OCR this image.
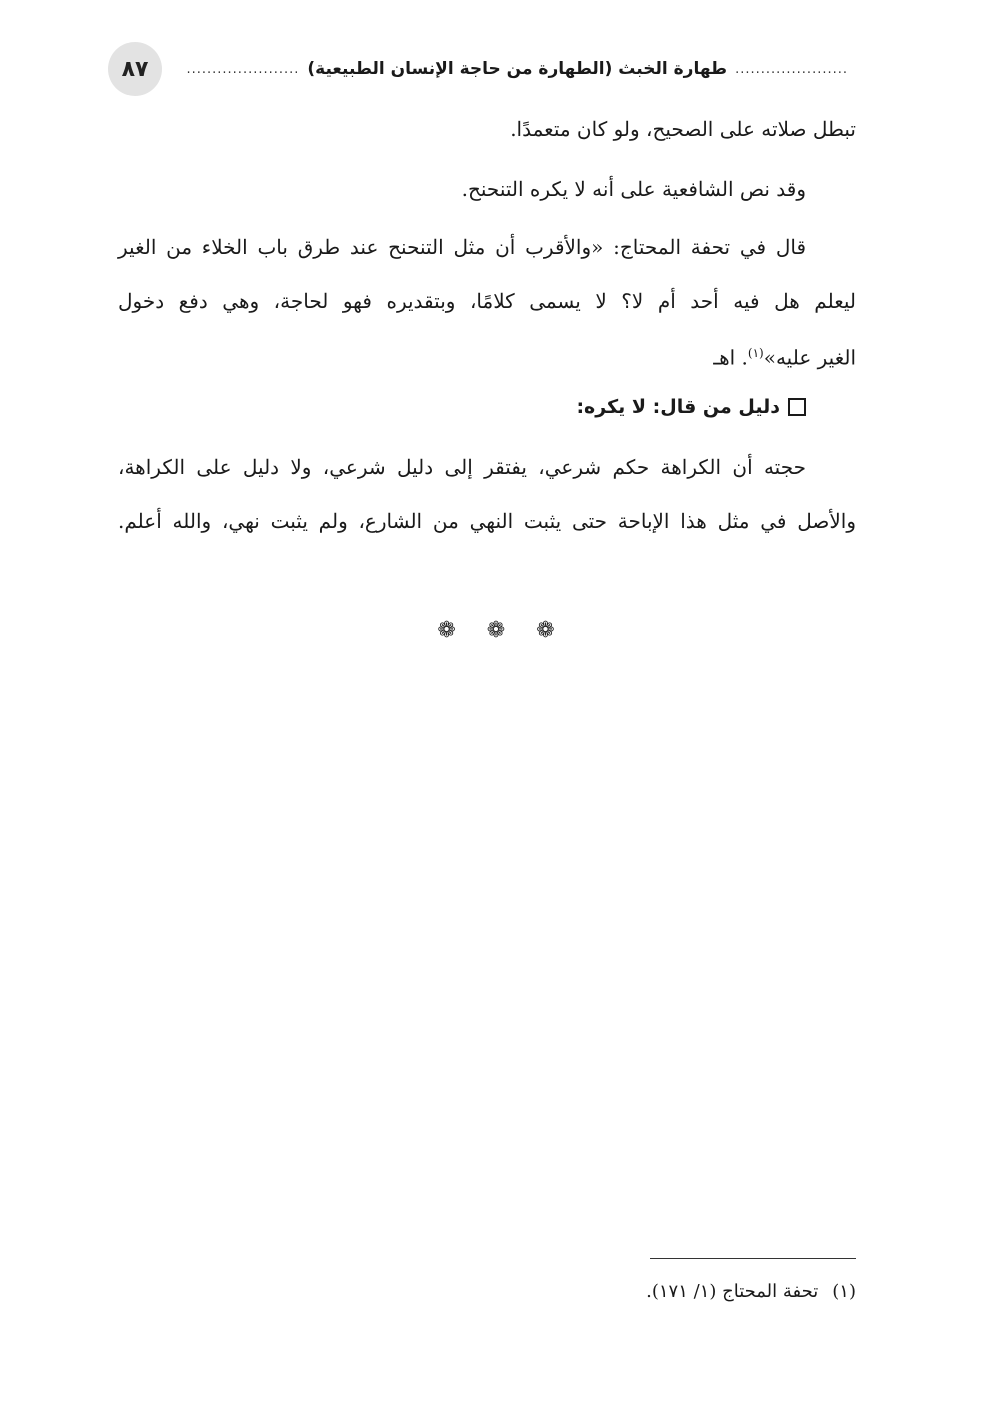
٨٧	......................
طهارة الخبث (الطهارة من حاجة الإنسان الطبيعية)
......................
تبطل صلاته على الصحيح، ولو كان متعمدًا.
وقد نص الشافعية على أنه لا يكره التنحنح.
قال في تحفة المحتاج: «والأقرب أن مثل التنحنح عند طرق باب الخلاء من الغير
ليعلم هل فيه أحد أم لا؟ لا يسمى كلامًا، وبتقديره فهو لحاجة، وهي دفع دخول
الغير عليه»$^{(١)}$. اهـ
دليل من قال: لا يكره:
حجته أن الكراهة حكم شرعي، يفتقر إلى دليل شرعي، ولا دليل على الكراهة،
والأصل في مثل هذا الإباحة حتى يثبت النهي من الشارع، ولم يثبت نهي، والله أعلم.
❁ ❁ ❁
(١)تحفة المحتاج (١/ ١٧١).
